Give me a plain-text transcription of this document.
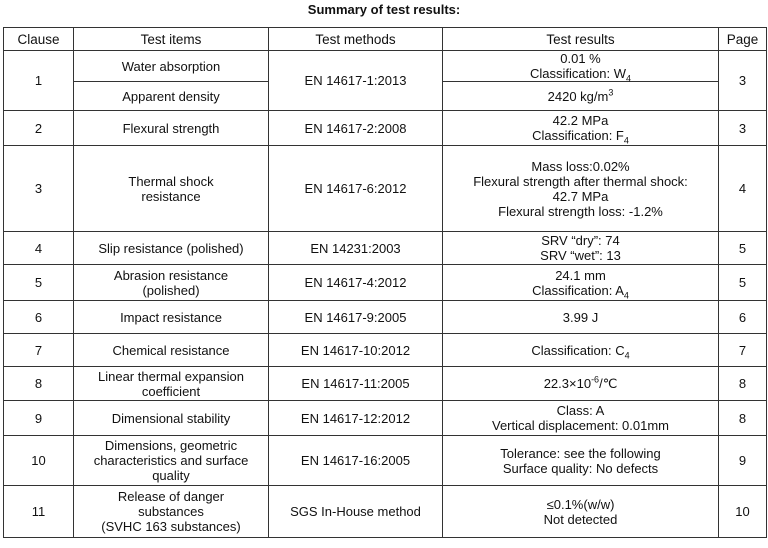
Summary of test results:
Clause	Test items	Test methods	Test results	Page
1	Water absorption	EN 14617-1:2013	0.01 %
Classification: $W_4$	3
	Apparent density		2420 $kg/m^3$
2	Flexural strength	EN 14617-2:2008	42.2 MPa
Classification: $F_4$	3
3	Thermal shock resistance	EN 14617-6:2012	Mass loss:0.02%
Flexural strength after thermal shock:
42.7 MPa
Flexural strength loss: -1.2%	4
4	Slip resistance (polished)	EN 14231:2003	SRV “dry”: 74
SRV “wet”: 13	5
5	Abrasion resistance (polished)	EN 14617-4:2012	24.1 mm
Classification: $A_4$	5
6	Impact resistance	EN 14617-9:2005	3.99 J	6
7	Chemical resistance	EN 14617-10:2012	Classification: $C_4$	7
8	Linear thermal expansion coefficient	EN 14617-11:2005	$22.3\times 10^{-6}/℃$	8
9	Dimensional stability	EN 14617-12:2012	Class: A
Vertical displacement: 0.01mm	8
10	Dimensions, geometric characteristics and surface quality	EN 14617-16:2005	Tolerance: see the following
Surface quality: No defects	9
11	Release of danger substances
(SVHC 163 substances)	SGS In-House method	≤0.1%(w/w)
Not detected	10
